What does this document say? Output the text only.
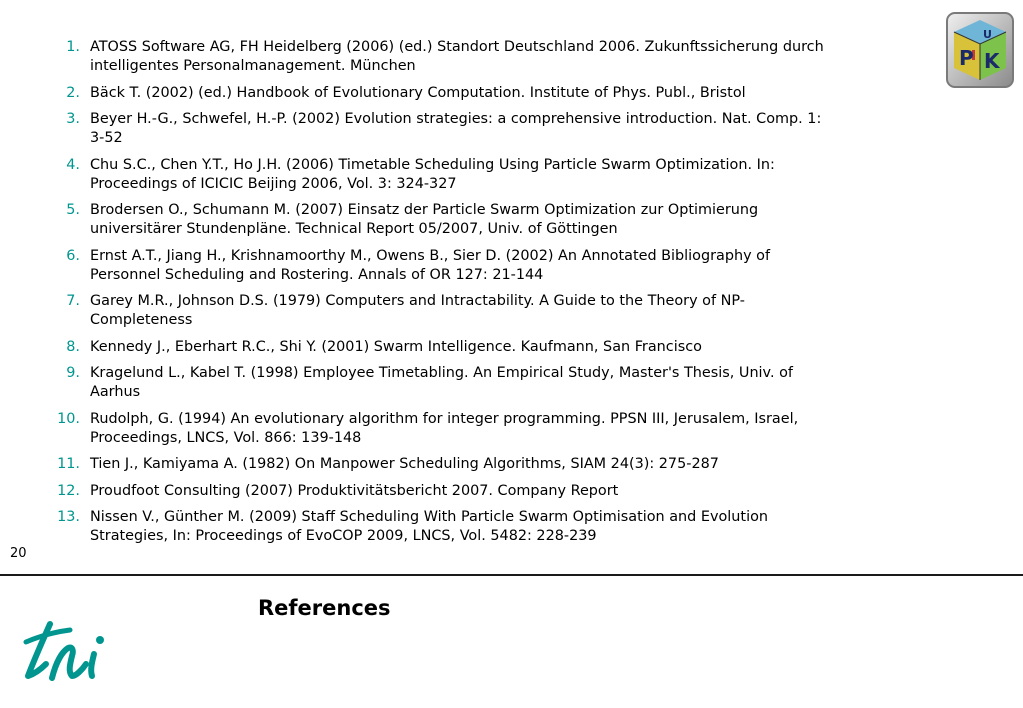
P K
U
1. ATOSS Software AG, FH Heidelberg (2006) (ed.) Standort Deutschland 2006. Zukunftssicherung durch intelligentes Personalmanagement. München
2. Bäck T. (2002) (ed.) Handbook of Evolutionary Computation. Institute of Phys. Publ., Bristol
3. Beyer H.-G., Schwefel, H.-P. (2002) Evolution strategies: a comprehensive introduction. Nat. Comp. 1: 3-52
4. Chu S.C., Chen Y.T., Ho J.H. (2006) Timetable Scheduling Using Particle Swarm Optimization. In: Proceedings of ICICIC Beijing 2006, Vol. 3: 324-327
5. Brodersen O., Schumann M. (2007) Einsatz der Particle Swarm Optimization zur Optimierung universitärer Stundenpläne. Technical Report 05/2007, Univ. of Göttingen
6. Ernst A.T., Jiang H., Krishnamoorthy M., Owens B., Sier D. (2002) An Annotated Bibliography of Personnel Scheduling and Rostering. Annals of OR 127: 21-144
7. Garey M.R., Johnson D.S. (1979) Computers and Intractability. A Guide to the Theory of NP-Completeness
8. Kennedy J., Eberhart R.C., Shi Y. (2001) Swarm Intelligence. Kaufmann, San Francisco
9. Kragelund L., Kabel T. (1998) Employee Timetabling. An Empirical Study, Master's Thesis, Univ. of Aarhus
10. Rudolph, G. (1994) An evolutionary algorithm for integer programming. PPSN III, Jerusalem, Israel, Proceedings, LNCS, Vol. 866: 139-148
11. Tien J., Kamiyama A. (1982) On Manpower Scheduling Algorithms, SIAM 24(3): 275-287
12. Proudfoot Consulting (2007) Produktivitätsbericht 2007. Company Report
13. Nissen V., Günther M. (2009) Staff Scheduling With Particle Swarm Optimisation and Evolution Strategies, In: Proceedings of EvoCOP 2009, LNCS, Vol. 5482: 228-239
20
References
